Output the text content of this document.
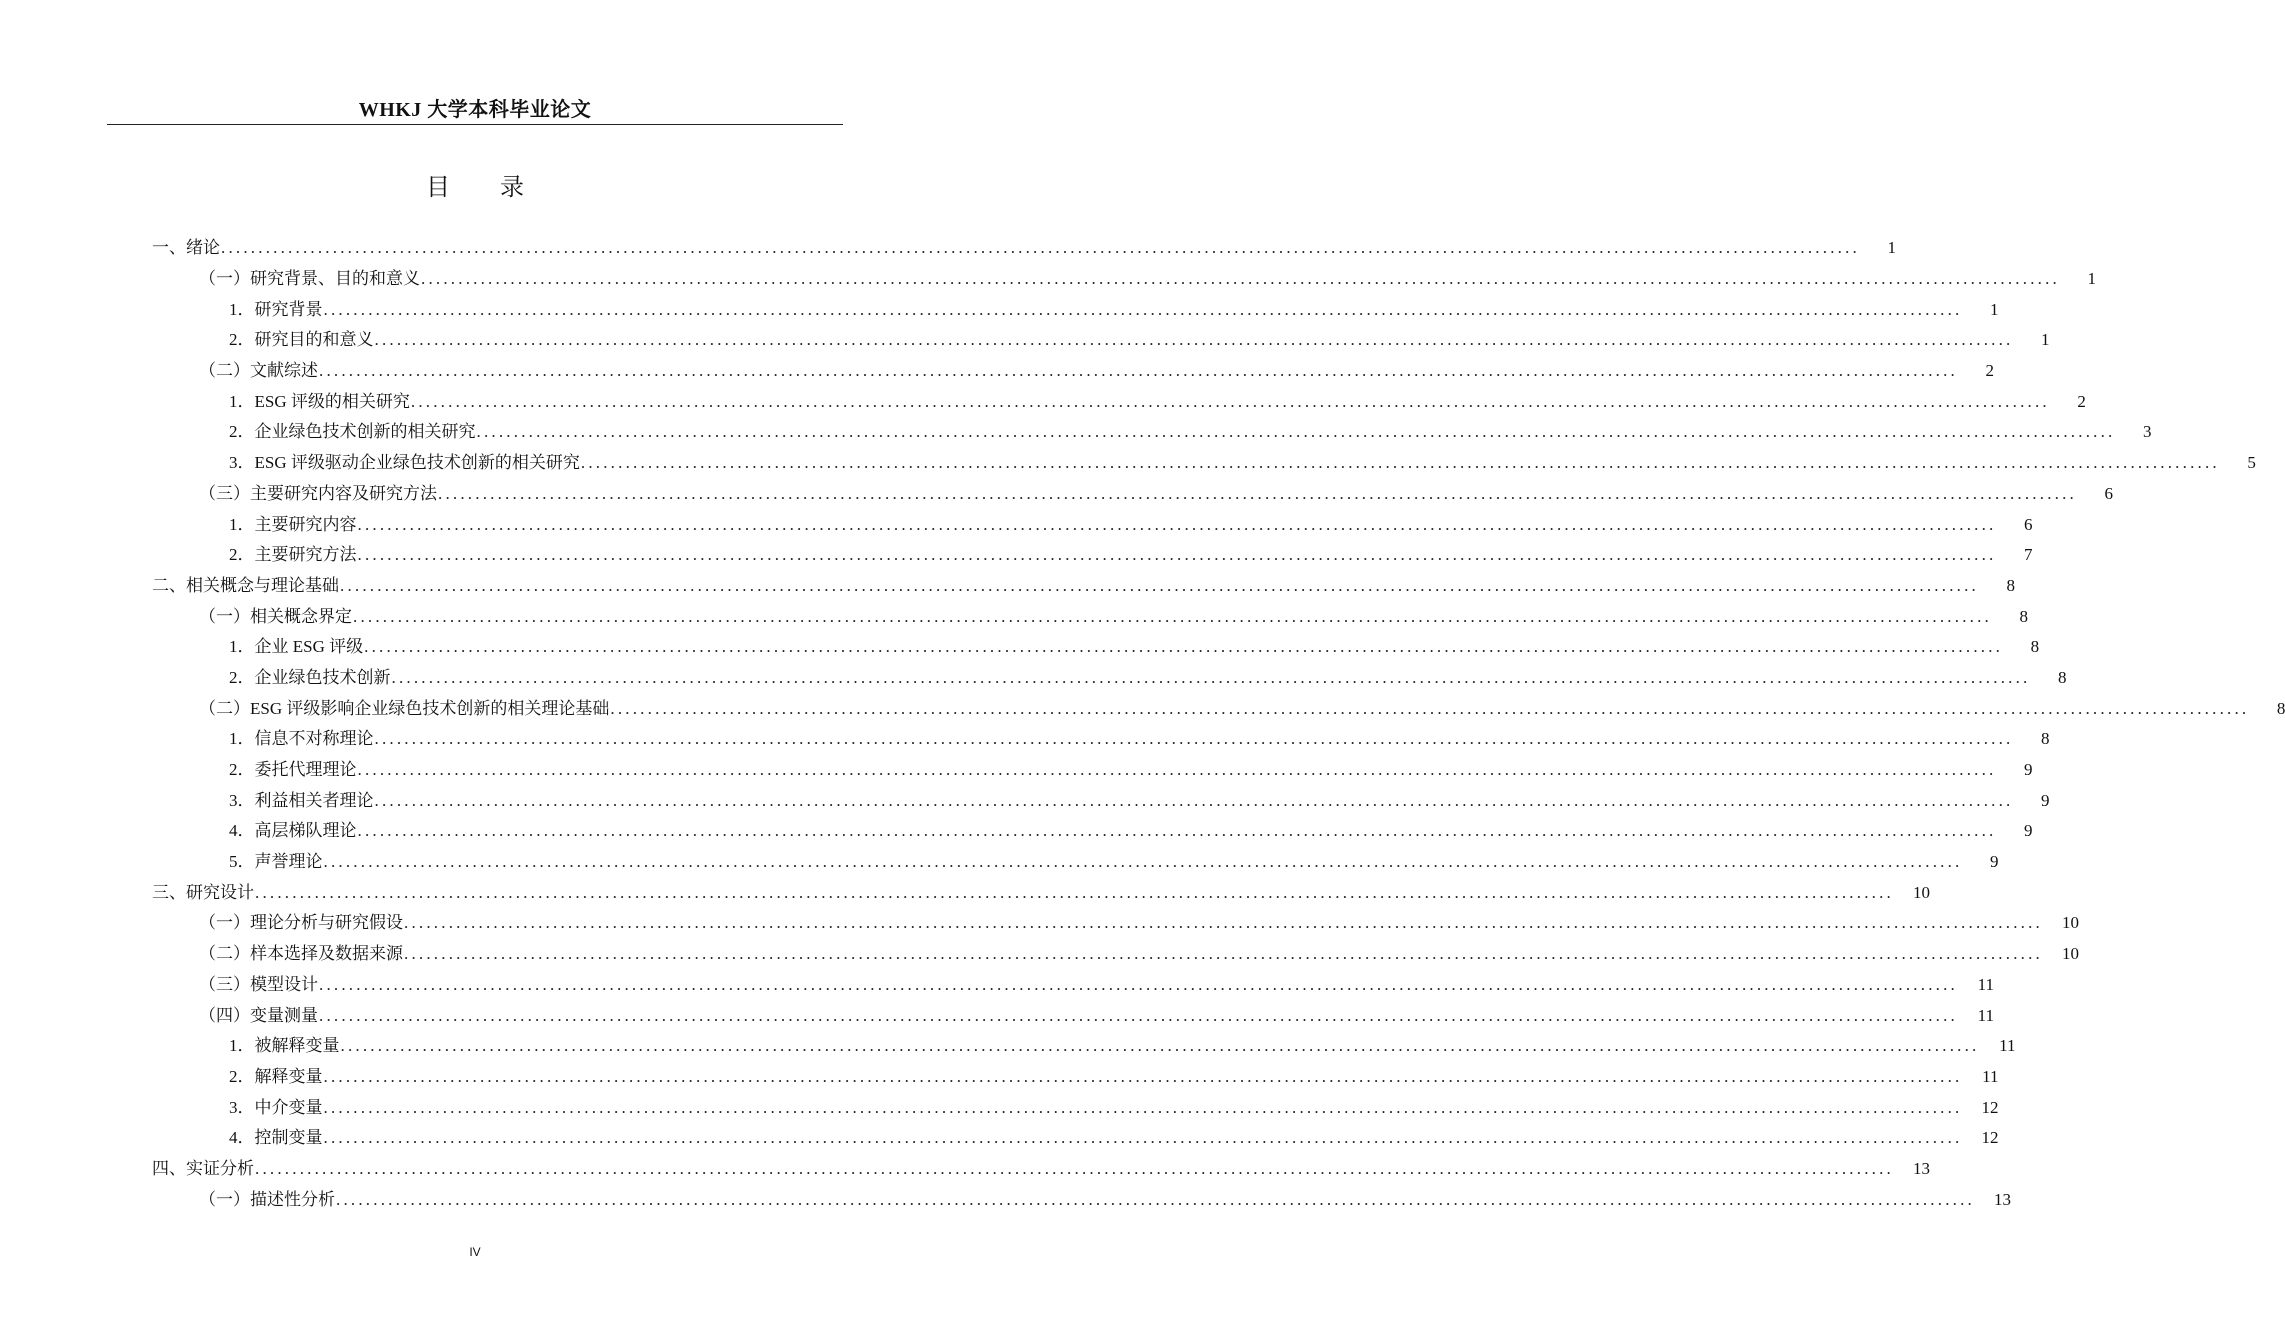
WHKJ 大学本科毕业论文
目 录
一、绪论 ............................................................................................................................................................................................................................	1
（一）研究背景、目的和意义 ............................................................................................................................................................................................................................	1
1．研究背景 ............................................................................................................................................................................................................................	1
2．研究目的和意义 ............................................................................................................................................................................................................................	1
（二）文献综述 ............................................................................................................................................................................................................................	2
1．ESG 评级的相关研究 ............................................................................................................................................................................................................................	2
2．企业绿色技术创新的相关研究 ............................................................................................................................................................................................................................	3
3．ESG 评级驱动企业绿色技术创新的相关研究 ............................................................................................................................................................................................................................	5
（三）主要研究内容及研究方法 ............................................................................................................................................................................................................................	6
1．主要研究内容 ............................................................................................................................................................................................................................	6
2．主要研究方法 ............................................................................................................................................................................................................................	7
二、相关概念与理论基础 ............................................................................................................................................................................................................................	8
（一）相关概念界定 ............................................................................................................................................................................................................................	8
1．企业 ESG 评级 ............................................................................................................................................................................................................................	8
2．企业绿色技术创新 ............................................................................................................................................................................................................................	8
（二）ESG 评级影响企业绿色技术创新的相关理论基础 ............................................................................................................................................................................................................................	8
1．信息不对称理论 ............................................................................................................................................................................................................................	8
2．委托代理理论 ............................................................................................................................................................................................................................	9
3．利益相关者理论 ............................................................................................................................................................................................................................	9
4．高层梯队理论 ............................................................................................................................................................................................................................	9
5．声誉理论 ............................................................................................................................................................................................................................	9
三、研究设计 ............................................................................................................................................................................................................................	10
（一）理论分析与研究假设 ............................................................................................................................................................................................................................	10
（二）样本选择及数据来源 ............................................................................................................................................................................................................................	10
（三）模型设计 ............................................................................................................................................................................................................................	11
（四）变量测量 ............................................................................................................................................................................................................................	11
1．被解释变量 ............................................................................................................................................................................................................................	11
2．解释变量 ............................................................................................................................................................................................................................	11
3．中介变量 ............................................................................................................................................................................................................................	12
4．控制变量 ............................................................................................................................................................................................................................	12
四、实证分析 ............................................................................................................................................................................................................................	13
（一）描述性分析 ............................................................................................................................................................................................................................	13
IV
